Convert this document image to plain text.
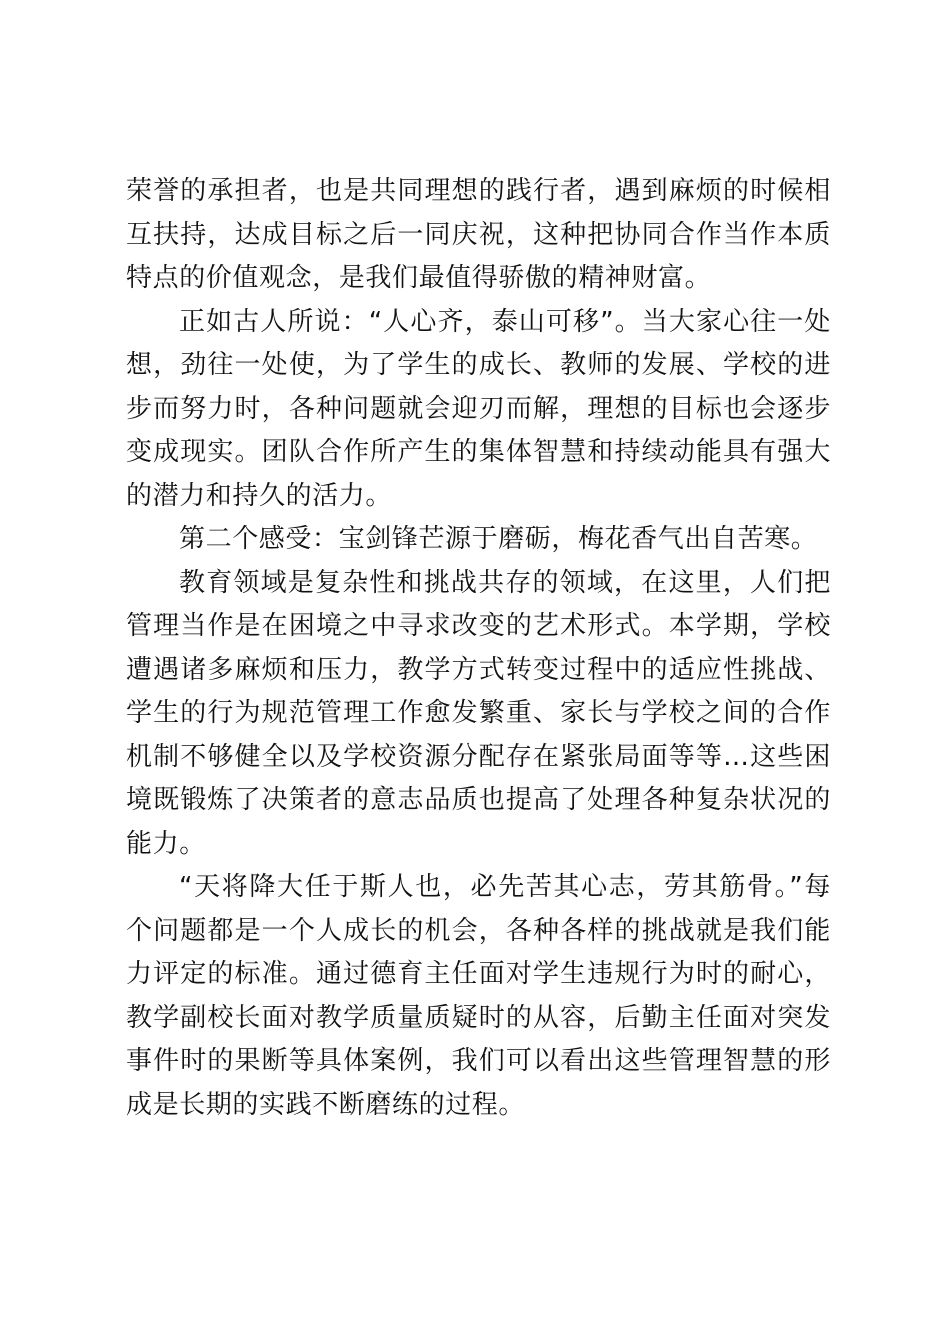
荣誉的承担者，也是共同理想的践行者，遇到麻烦的时候相互扶持，达成目标之后一同庆祝，这种把协同合作当作本质特点的价值观念，是我们最值得骄傲的精神财富。

正如古人所说：“人心齐，泰山可移”。当大家心往一处想，劲往一处使，为了学生的成长、教师的发展、学校的进步而努力时，各种问题就会迎刃而解，理想的目标也会逐步变成现实。团队合作所产生的集体智慧和持续动能具有强大的潜力和持久的活力。

第二个感受：宝剑锋芒源于磨砺，梅花香气出自苦寒。

教育领域是复杂性和挑战共存的领域，在这里，人们把管理当作是在困境之中寻求改变的艺术形式。本学期，学校遭遇诸多麻烦和压力，教学方式转变过程中的适应性挑战、学生的行为规范管理工作愈发繁重、家长与学校之间的合作机制不够健全以及学校资源分配存在紧张局面等等…这些困境既锻炼了决策者的意志品质也提高了处理各种复杂状况的能力。

“天将降大任于斯人也，必先苦其心志，劳其筋骨。”每个问题都是一个人成长的机会，各种各样的挑战就是我们能力评定的标准。通过德育主任面对学生违规行为时的耐心，教学副校长面对教学质量质疑时的从容，后勤主任面对突发事件时的果断等具体案例，我们可以看出这些管理智慧的形成是长期的实践不断磨练的过程。
